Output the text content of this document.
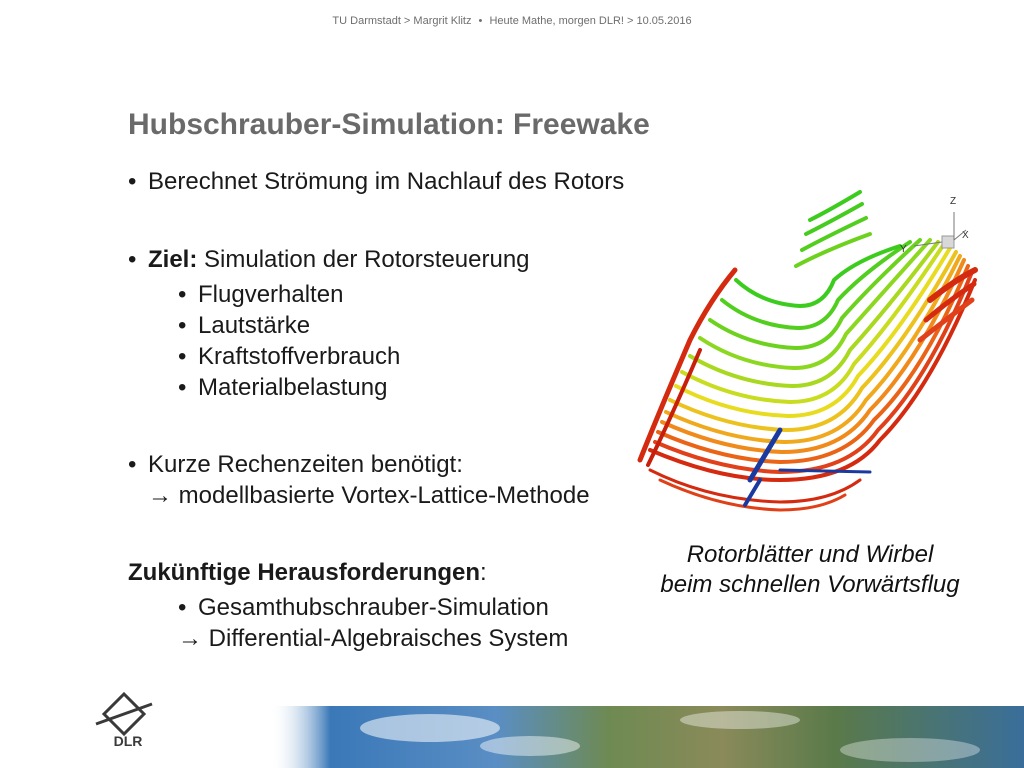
TU Darmstadt > Margrit Klitz • Heute Mathe, morgen DLR! > 10.05.2016
Hubschrauber-Simulation: Freewake
• Berechnet Strömung im Nachlauf des Rotors
• Ziel: Simulation der Rotorsteuerung
• Flugverhalten
• Lautstärke
• Kraftstoffverbrauch
• Materialbelastung
• Kurze Rechenzeiten benötigt:
→ modellbasierte Vortex-Lattice-Methode
Zukünftige Herausforderungen:
• Gesamthubschrauber-Simulation
→ Differential-Algebraisches System
Z
X
Y
Rotorblätter und Wirbel
beim schnellen Vorwärtsflug
DLR
